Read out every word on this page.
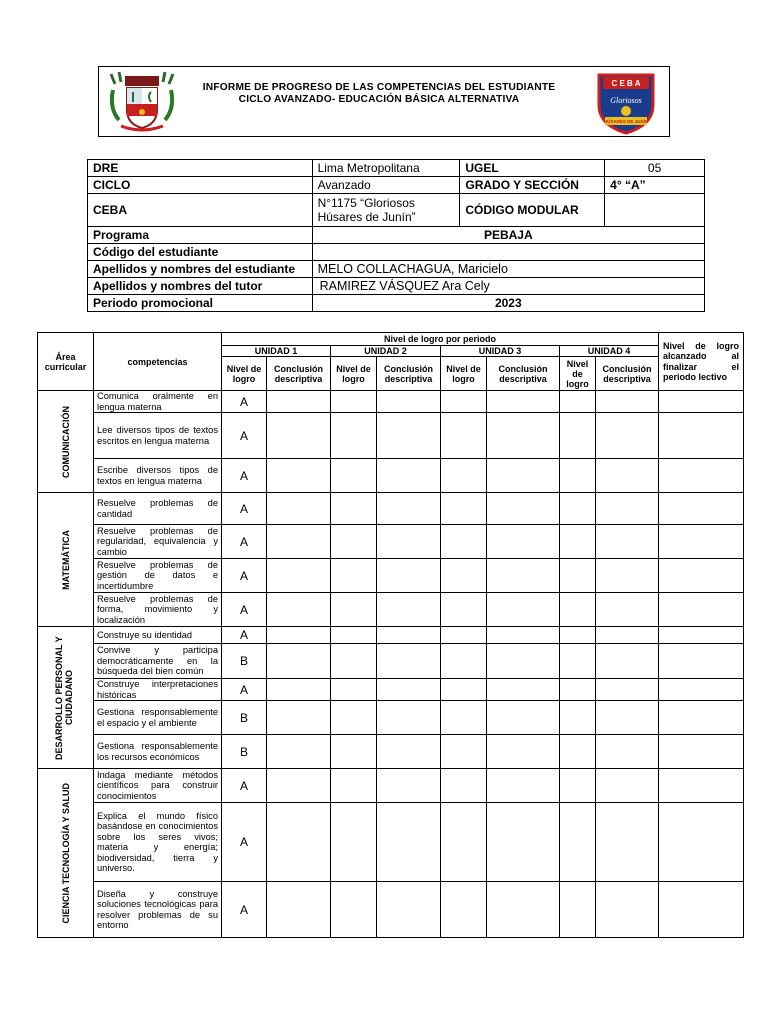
INFORME DE PROGRESO DE LAS COMPETENCIAS DEL ESTUDIANTE
CICLO AVANZADO- EDUCACIÓN BÁSICA ALTERNATIVA
C E B A
Gloriosos
HÚSARES DE JUNÍN
DRE	Lima Metropolitana	UGEL	05
CICLO	Avanzado	GRADO Y SECCIÓN	4° “A”
CEBA	N°1175 “Gloriosos
Húsares de Junín”	CÓDIGO MODULAR	
Programa	PEBAJA		
Código del estudiante			
Apellidos y nombres del estudiante	MELO COLLACHAGUA, Maricielo		
Apellidos y nombres del tutor	RAMIREZ VÁSQUEZ Ara Cely		
Periodo promocional	2023		
Área curricular	competencias	Nivel de logro por periodo								Nivel de logro alcanzado al finalizar el periodo lectivo
		UNIDAD 1		UNIDAD 2		UNIDAD 3		UNIDAD 4		
		Nivel de logro	Conclusión descriptiva	Nivel de logro	Conclusión descriptiva	Nivel de logro	Conclusión descriptiva	Nivel de logro	Conclusión descriptiva	

COMUNICACIÓN	Comunica oralmente en lengua materna	A								
	Lee diversos tipos de textos escritos en lengua materna	A								
	Escribe diversos tipos de textos en lengua materna	A								

MATEMÁTICA	Resuelve problemas de cantidad	A								
	Resuelve problemas de regularidad, equivalencia y cambio	A								
	Resuelve problemas de gestión de datos e incertidumbre	A								
	Resuelve problemas de forma, movimiento y localización	A								

DESARROLLO PERSONAL Y CIUDADANO	Construye su identidad	A								
	Convive y participa democráticamente en la búsqueda del bien común	B								
	Construye interpretaciones históricas	A								
	Gestiona responsablemente el espacio y el ambiente	B								
	Gestiona responsablemente los recursos económicos	B								

CIENCIA TECNOLOGÍA Y SALUD	Indaga mediante métodos científicos para construir conocimientos	A								
	Explica el mundo físico basándose en conocimientos sobre los seres vivos; materia y energía; biodiversidad, tierra y universo.	A								
	Diseña y construye soluciones tecnológicas para resolver problemas de su entorno	A								
